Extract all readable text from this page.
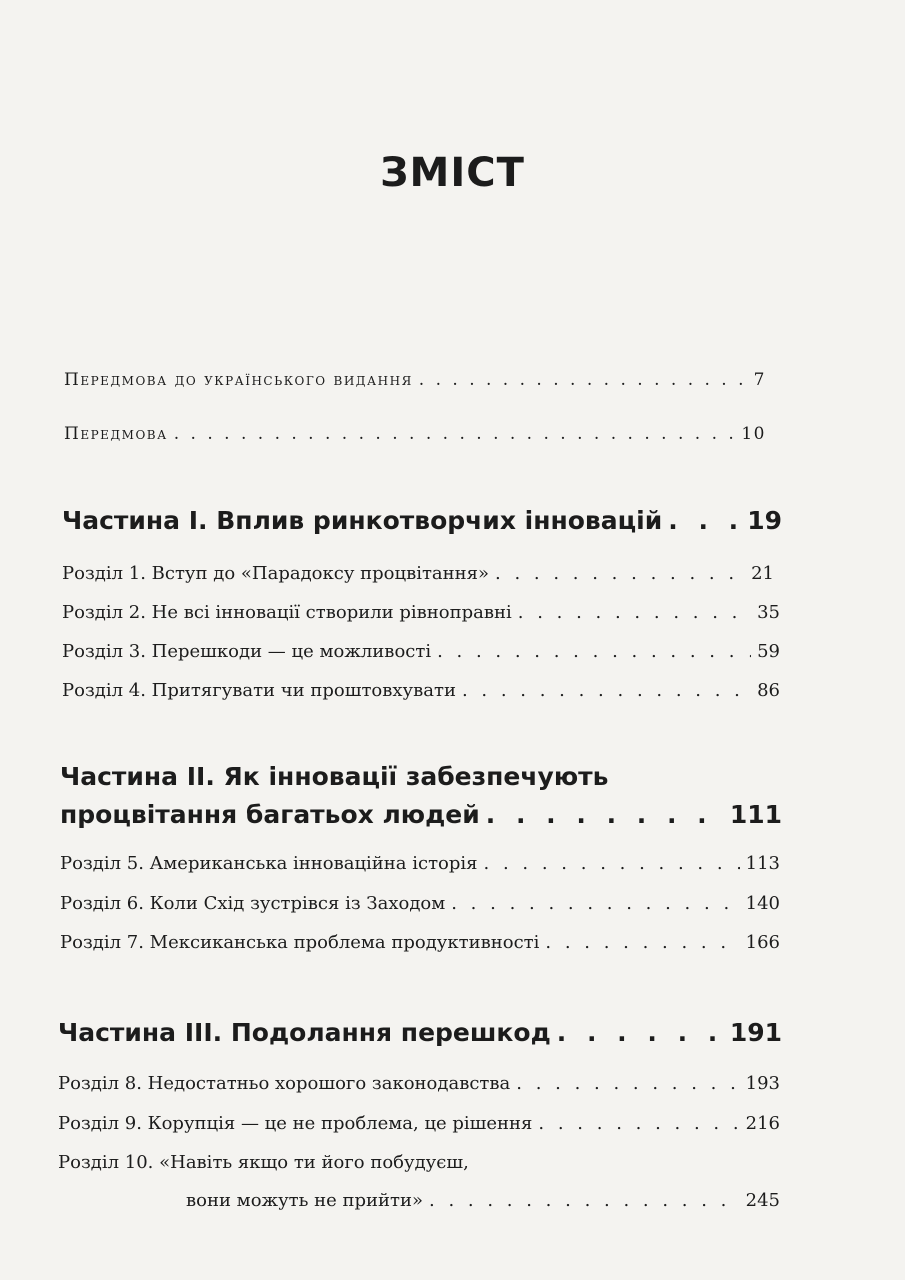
ЗМІСТ
Передмова до українського видання . . .	7
Передмова . . .	10
Частина I. Вплив ринкотворчих інновацій . . .	19
Розділ 1. Вступ до «Парадоксу процвітання» . . .	21
Розділ 2. Не всі інновації створили рівноправні . . .	35
Розділ 3. Перешкоди — це можливості . . .	59
Розділ 4. Притягувати чи проштовхувати . . .	86
Частина II. Як інновації забезпечують
процвітання багатьох людей . . .	111
Розділ 5. Американська інноваційна історія . . .	113
Розділ 6. Коли Схід зустрівся із Заходом . . .	140
Розділ 7. Мексиканська проблема продуктивності . . .	166
Частина III. Подолання перешкод . . .	191
Розділ 8. Недостатньо хорошого законодавства . . .	193
Розділ 9. Корупція — це не проблема, це рішення . . .	216
Розділ 10. «Навіть якщо ти його побудуєш,
вони можуть не прийти» . . .	245
